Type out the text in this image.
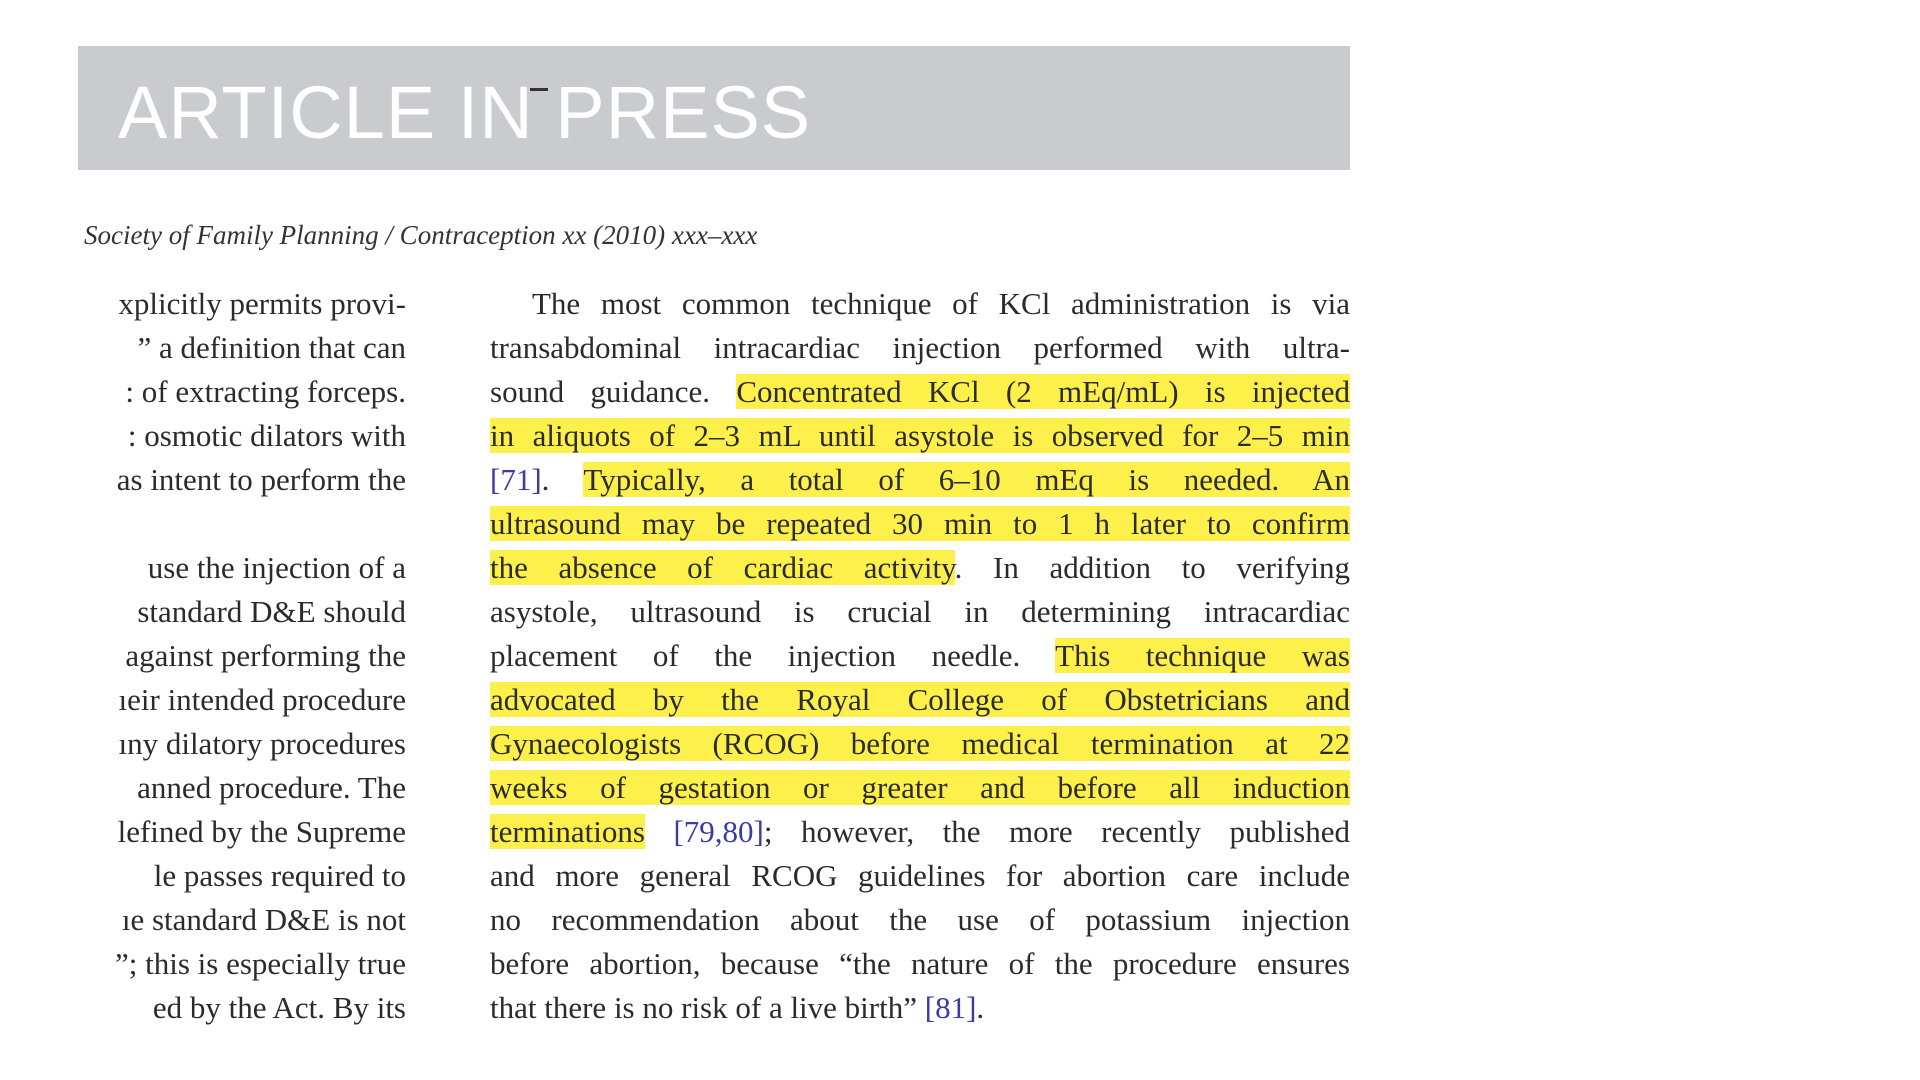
ARTICLE IN PRESS
Society of Family Planning / Contraception xx (2010) xxx–xxx
xplicitly permits provi-
” a definition that can
: of extracting forceps.
: osmotic dilators with
as intent to perform the
use the injection of a
standard D&E should
against performing the
ıeir intended procedure
ıny dilatory procedures
anned procedure. The
lefined by the Supreme
le passes required to
ıe standard D&E is not
”; this is especially true
ed by the Act. By its
The most common technique of KCl administration is via
transabdominal intracardiac injection performed with ultra-
sound guidance. Concentrated KCl (2 mEq/mL) is injected
in aliquots of 2–3 mL until asystole is observed for 2–5 min
[71]. Typically, a total of 6–10 mEq is needed. An
ultrasound may be repeated 30 min to 1 h later to confirm
the absence of cardiac activity. In addition to verifying
asystole, ultrasound is crucial in determining intracardiac
placement of the injection needle. This technique was
advocated by the Royal College of Obstetricians and
Gynaecologists (RCOG) before medical termination at 22
weeks of gestation or greater and before all induction
terminations [79,80]; however, the more recently published
and more general RCOG guidelines for abortion care include
no recommendation about the use of potassium injection
before abortion, because “the nature of the procedure ensures
that there is no risk of a live birth” [81].
